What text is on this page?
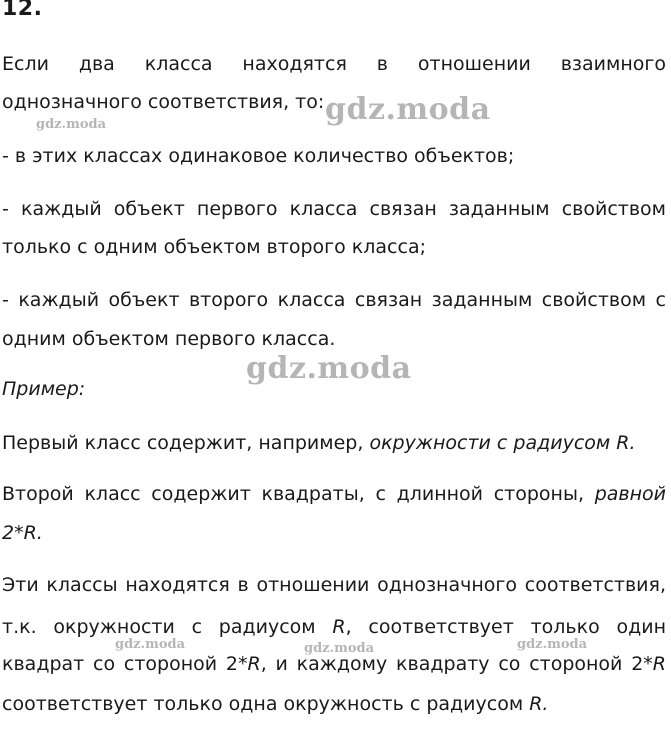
12.
Если два класса находятся в отношении взаимного
однозначного соответствия, то:
- в этих классах одинаковое количество объектов;
- каждый объект первого класса связан заданным свойством
только с одним объектом второго класса;
- каждый объект второго класса связан заданным свойством с
одним объектом первого класса.
Пример:
Первый класс содержит, например, окружности с радиусом R.
Второй класс содержит квадраты, с длинной стороны, равной
2*R.
Эти классы находятся в отношении однозначного соответствия,
т.к. окружности с радиусом R, соответствует только один
квадрат со стороной 2*R, и каждому квадрату со стороной 2*R
соответствует только одна окружность с радиусом R.
gdz.moda
gdz.moda
gdz.moda
gdz.moda	gdz.moda	gdz.moda
